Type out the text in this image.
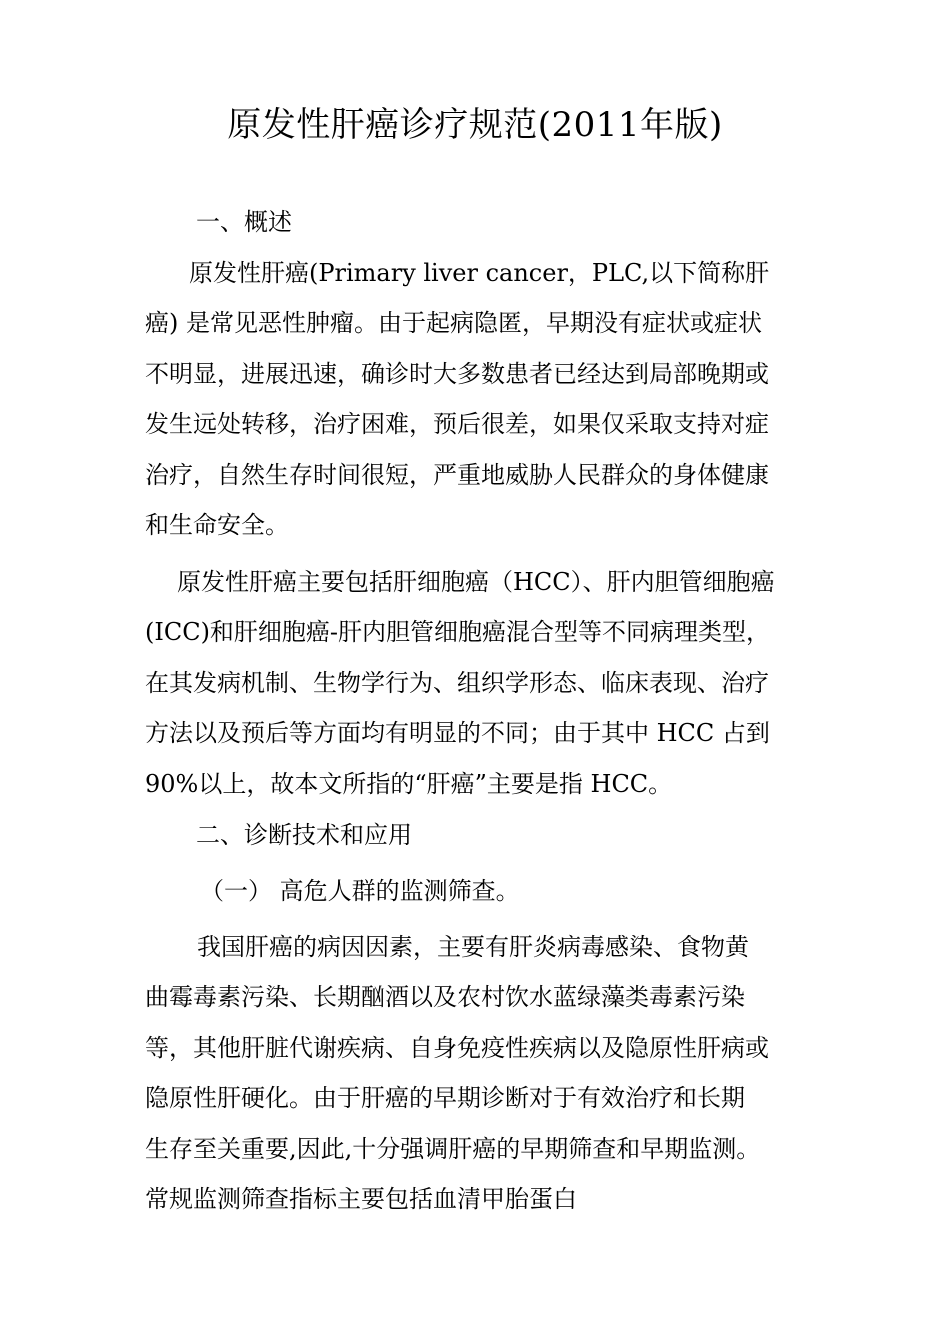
原发性肝癌诊疗规范(2011年版)
一、概述
原发性肝癌(Primary liver cancer，PLC,以下简称肝
癌) 是常见恶性肿瘤。由于起病隐匿，早期没有症状或症状
不明显，进展迅速，确诊时大多数患者已经达到局部晚期或
发生远处转移，治疗困难，预后很差，如果仅采取支持对症
治疗，自然生存时间很短，严重地威胁人民群众的身体健康
和生命安全。
原发性肝癌主要包括肝细胞癌（HCC）、肝内胆管细胞癌
(ICC)和肝细胞癌-肝内胆管细胞癌混合型等不同病理类型，
在其发病机制、生物学行为、组织学形态、临床表现、治疗
方法以及预后等方面均有明显的不同；由于其中 HCC 占到
90%以上，故本文所指的“肝癌”主要是指 HCC。
二、诊断技术和应用
（一） 高危人群的监测筛查。
我国肝癌的病因因素，主要有肝炎病毒感染、食物黄
曲霉毒素污染、长期酗酒以及农村饮水蓝绿藻类毒素污染
等，其他肝脏代谢疾病、自身免疫性疾病以及隐原性肝病或
隐原性肝硬化。由于肝癌的早期诊断对于有效治疗和长期
生存至关重要,因此,十分强调肝癌的早期筛查和早期监测。
常规监测筛查指标主要包括血清甲胎蛋白
